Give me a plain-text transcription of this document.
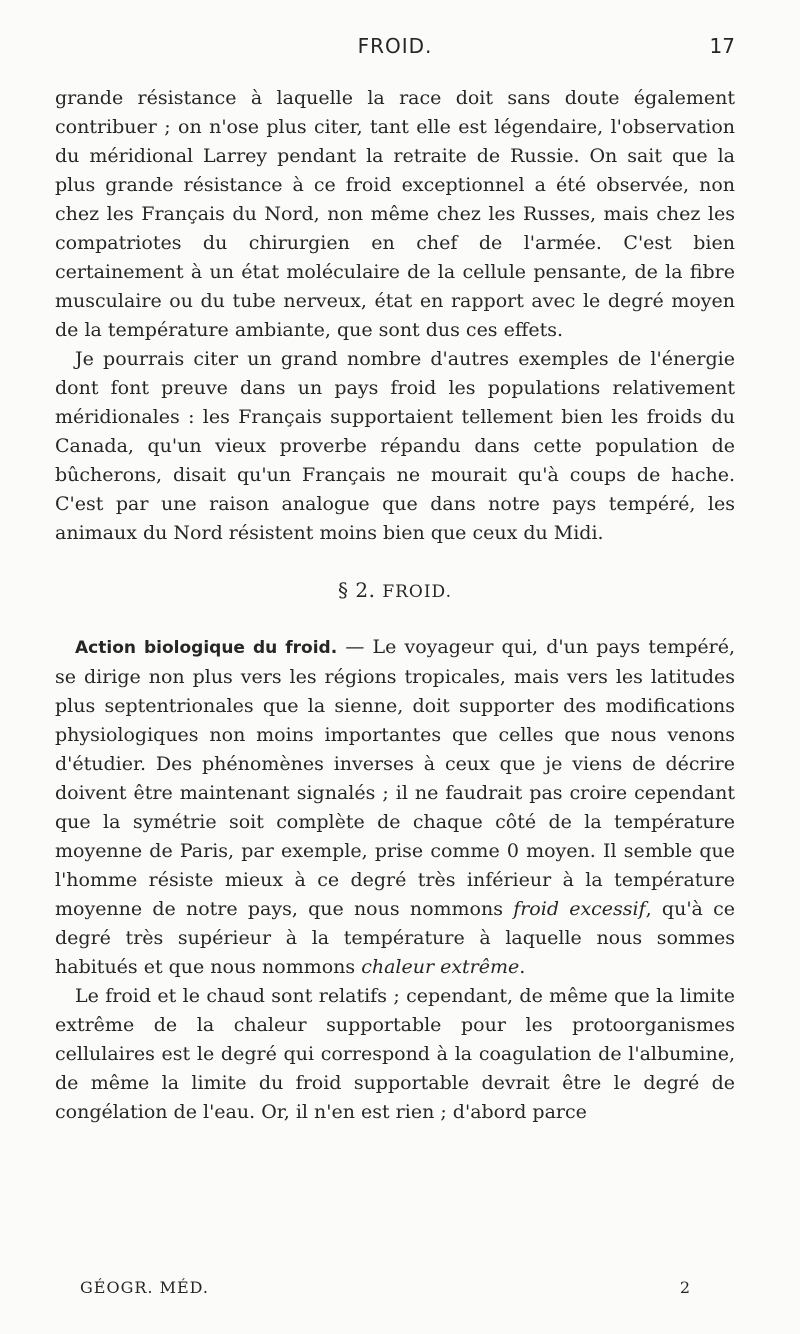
FROID.	17

grande résistance à laquelle la race doit sans doute également contribuer ; on n'ose plus citer, tant elle est légendaire, l'observation du méridional Larrey pendant la retraite de Russie. On sait que la plus grande résistance à ce froid exceptionnel a été observée, non chez les Français du Nord, non même chez les Russes, mais chez les compatriotes du chirurgien en chef de l'armée. C'est bien certainement à un état moléculaire de la cellule pensante, de la fibre musculaire ou du tube nerveux, état en rapport avec le degré moyen de la température ambiante, que sont dus ces effets.

Je pourrais citer un grand nombre d'autres exemples de l'énergie dont font preuve dans un pays froid les populations relativement méridionales : les Français supportaient tellement bien les froids du Canada, qu'un vieux proverbe répandu dans cette population de bûcherons, disait qu'un Français ne mourait qu'à coups de hache. C'est par une raison analogue que dans notre pays tempéré, les animaux du Nord résistent moins bien que ceux du Midi.

§ 2. FROID.

Action biologique du froid. — Le voyageur qui, d'un pays tempéré, se dirige non plus vers les régions tropicales, mais vers les latitudes plus septentrionales que la sienne, doit supporter des modifications physiologiques non moins importantes que celles que nous venons d'étudier. Des phénomènes inverses à ceux que je viens de décrire doivent être maintenant signalés ; il ne faudrait pas croire cependant que la symétrie soit complète de chaque côté de la température moyenne de Paris, par exemple, prise comme 0 moyen. Il semble que l'homme résiste mieux à ce degré très inférieur à la température moyenne de notre pays, que nous nommons froid excessif, qu'à ce degré très supérieur à la température à laquelle nous sommes habitués et que nous nommons chaleur extrême.

Le froid et le chaud sont relatifs ; cependant, de même que la limite extrême de la chaleur supportable pour les protoorganismes cellulaires est le degré qui correspond à la coagulation de l'albumine, de même la limite du froid supportable devrait être le degré de congélation de l'eau. Or, il n'en est rien ; d'abord parce

GÉOGR. MÉD.	2
